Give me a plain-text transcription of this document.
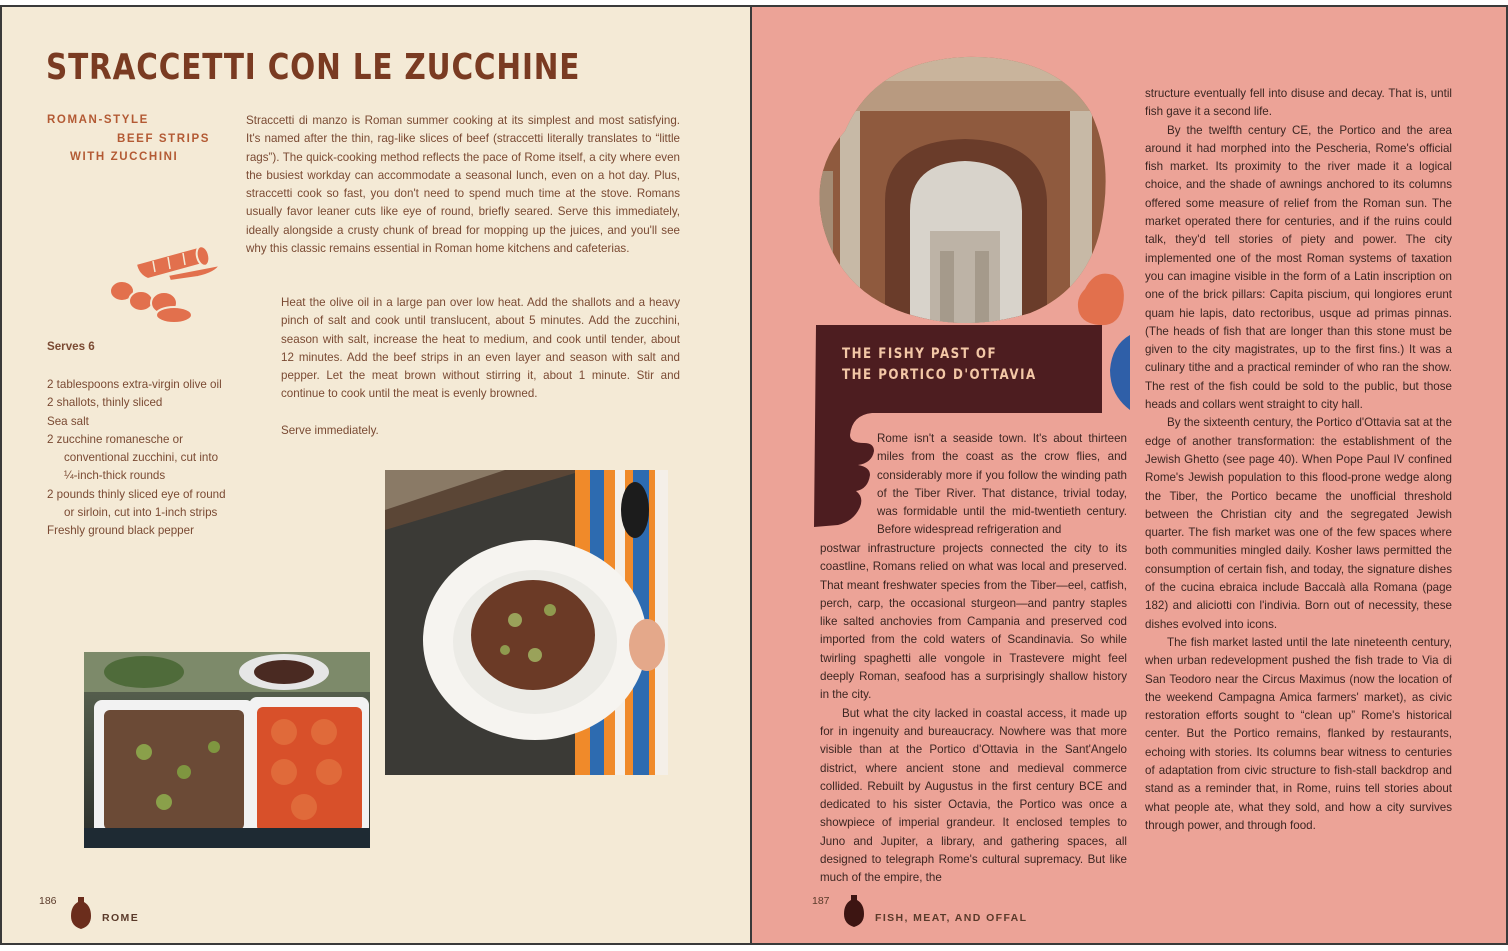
STRACCETTI CON LE ZUCCHINE
ROMAN-STYLE
BEEF STRIPS
WITH ZUCCHINI

Straccetti di manzo is Roman summer cooking at its simplest and most satisfying. It's named after the thin, rag-like slices of beef (straccetti literally translates to “little rags”). The quick-cooking method reflects the pace of Rome itself, a city where even the busiest workday can accommodate a seasonal lunch, even on a hot day. Plus, straccetti cook so fast, you don't need to spend much time at the stove. Romans usually favor leaner cuts like eye of round, briefly seared. Serve this immediately, ideally alongside a crusty chunk of bread for mopping up the juices, and you'll see why this classic remains essential in Roman home kitchens and cafeterias.

Heat the olive oil in a large pan over low heat. Add the shallots and a heavy pinch of salt and cook until translucent, about 5 minutes. Add the zucchini, season with salt, increase the heat to medium, and cook until tender, about 12 minutes. Add the beef strips in an even layer and season with salt and pepper. Let the meat brown without stirring it, about 1 minute. Stir and continue to cook until the meat is evenly browned.

Serve immediately.

Serves 6
2 tablespoons extra-virgin olive oil
2 shallots, thinly sliced
Sea salt
2 zucchine romanesche or conventional zucchini, cut into ¼-inch-thick rounds
2 pounds thinly sliced eye of round or sirloin, cut into 1-inch strips
Freshly ground black pepper
186
ROME
THE FISHY PAST OF
THE PORTICO D'OTTAVIA

Rome isn't a seaside town. It's about thirteen miles from the coast as the crow flies, and considerably more if you follow the winding path of the Tiber River. That distance, trivial today, was formidable until the mid-twentieth century. Before widespread refrigeration and

postwar infrastructure projects connected the city to its coastline, Romans relied on what was local and preserved. That meant freshwater species from the Tiber—eel, catfish, perch, carp, the occasional sturgeon—and pantry staples like salted anchovies from Campania and preserved cod imported from the cold waters of Scandinavia. So while twirling spaghetti alle vongole in Trastevere might feel deeply Roman, seafood has a surprisingly shallow history in the city.

But what the city lacked in coastal access, it made up for in ingenuity and bureaucracy. Nowhere was that more visible than at the Portico d'Ottavia in the Sant'Angelo district, where ancient stone and medieval commerce collided. Rebuilt by Augustus in the first century BCE and dedicated to his sister Octavia, the Portico was once a showpiece of imperial grandeur. It enclosed temples to Juno and Jupiter, a library, and gathering spaces, all designed to telegraph Rome's cultural supremacy. But like much of the empire, the

structure eventually fell into disuse and decay. That is, until fish gave it a second life.

By the twelfth century CE, the Portico and the area around it had morphed into the Pescheria, Rome's official fish market. Its proximity to the river made it a logical choice, and the shade of awnings anchored to its columns offered some measure of relief from the Roman sun. The market operated there for centuries, and if the ruins could talk, they'd tell stories of piety and power. The city implemented one of the most Roman systems of taxation you can imagine visible in the form of a Latin inscription on one of the brick pillars: Capita piscium, qui longiores erunt quam hie lapis, dato rectoribus, usque ad primas pinnas. (The heads of fish that are longer than this stone must be given to the city magistrates, up to the first fins.) It was a culinary tithe and a practical reminder of who ran the show. The rest of the fish could be sold to the public, but those heads and collars went straight to city hall.

By the sixteenth century, the Portico d'Ottavia sat at the edge of another transformation: the establishment of the Jewish Ghetto (see page 40). When Pope Paul IV confined Rome's Jewish population to this flood-prone wedge along the Tiber, the Portico became the unofficial threshold between the Christian city and the segregated Jewish quarter. The fish market was one of the few spaces where both communities mingled daily. Kosher laws permitted the consumption of certain fish, and today, the signature dishes of the cucina ebraica include Baccalà alla Romana (page 182) and aliciotti con l'indivia. Born out of necessity, these dishes evolved into icons.

The fish market lasted until the late nineteenth century, when urban redevelopment pushed the fish trade to Via di San Teodoro near the Circus Maximus (now the location of the weekend Campagna Amica farmers' market), as civic restoration efforts sought to “clean up” Rome's historical center. But the Portico remains, flanked by restaurants, echoing with stories. Its columns bear witness to centuries of adaptation from civic structure to fish-stall backdrop and stand as a reminder that, in Rome, ruins tell stories about what people ate, what they sold, and how a city survives through power, and through food.

187
FISH, MEAT, AND OFFAL
